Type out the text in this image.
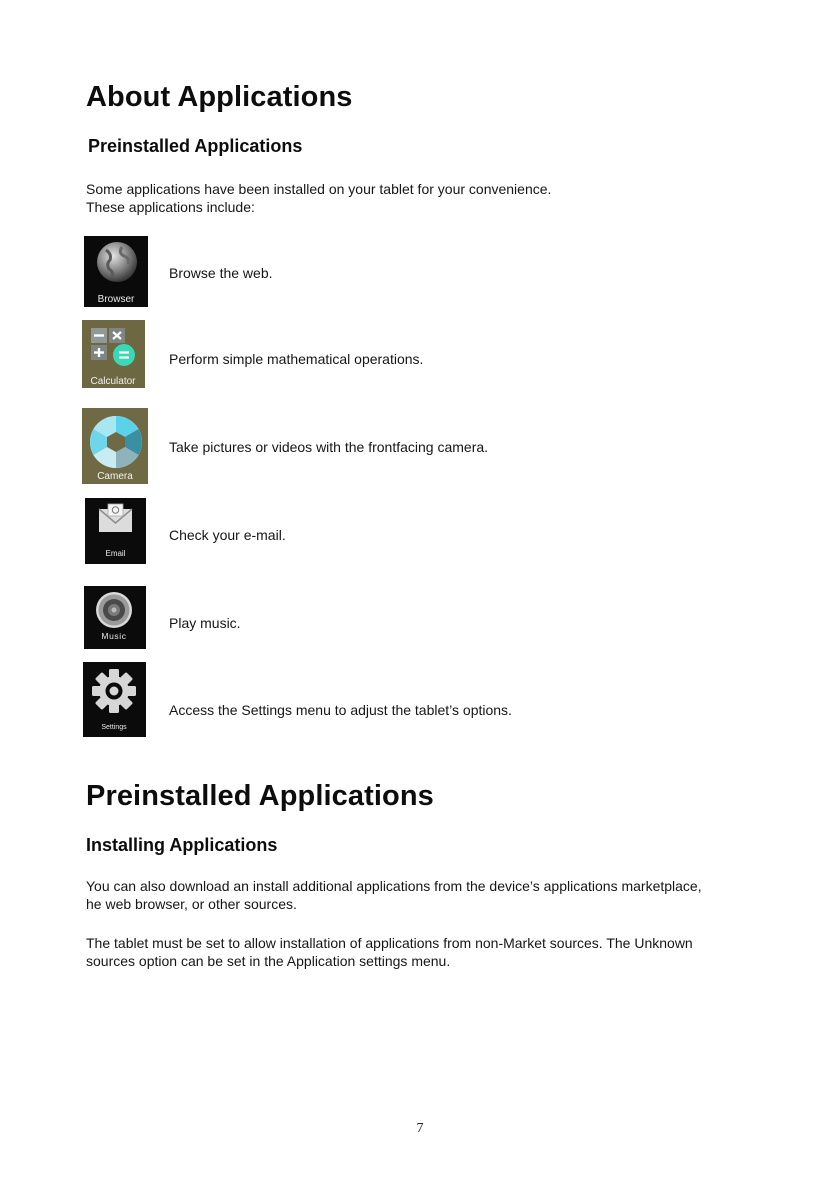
About Applications
Preinstalled Applications

Some applications have been installed on your tablet for your convenience.
These applications include:

Browser
Browse the web.
Calculator
Perform simple mathematical operations.
Camera
Take pictures or videos with the frontfacing camera.
Email
Check your e-mail.
Music
Play music.
Settings
Access the Settings menu to adjust the tablet’s options.
Preinstalled Applications
Installing Applications

You can also download an install additional applications from the device’s applications marketplace,
he web browser, or other sources.

The tablet must be set to allow installation of applications from non-Market sources. The Unknown
sources option can be set in the Application settings menu.

7
